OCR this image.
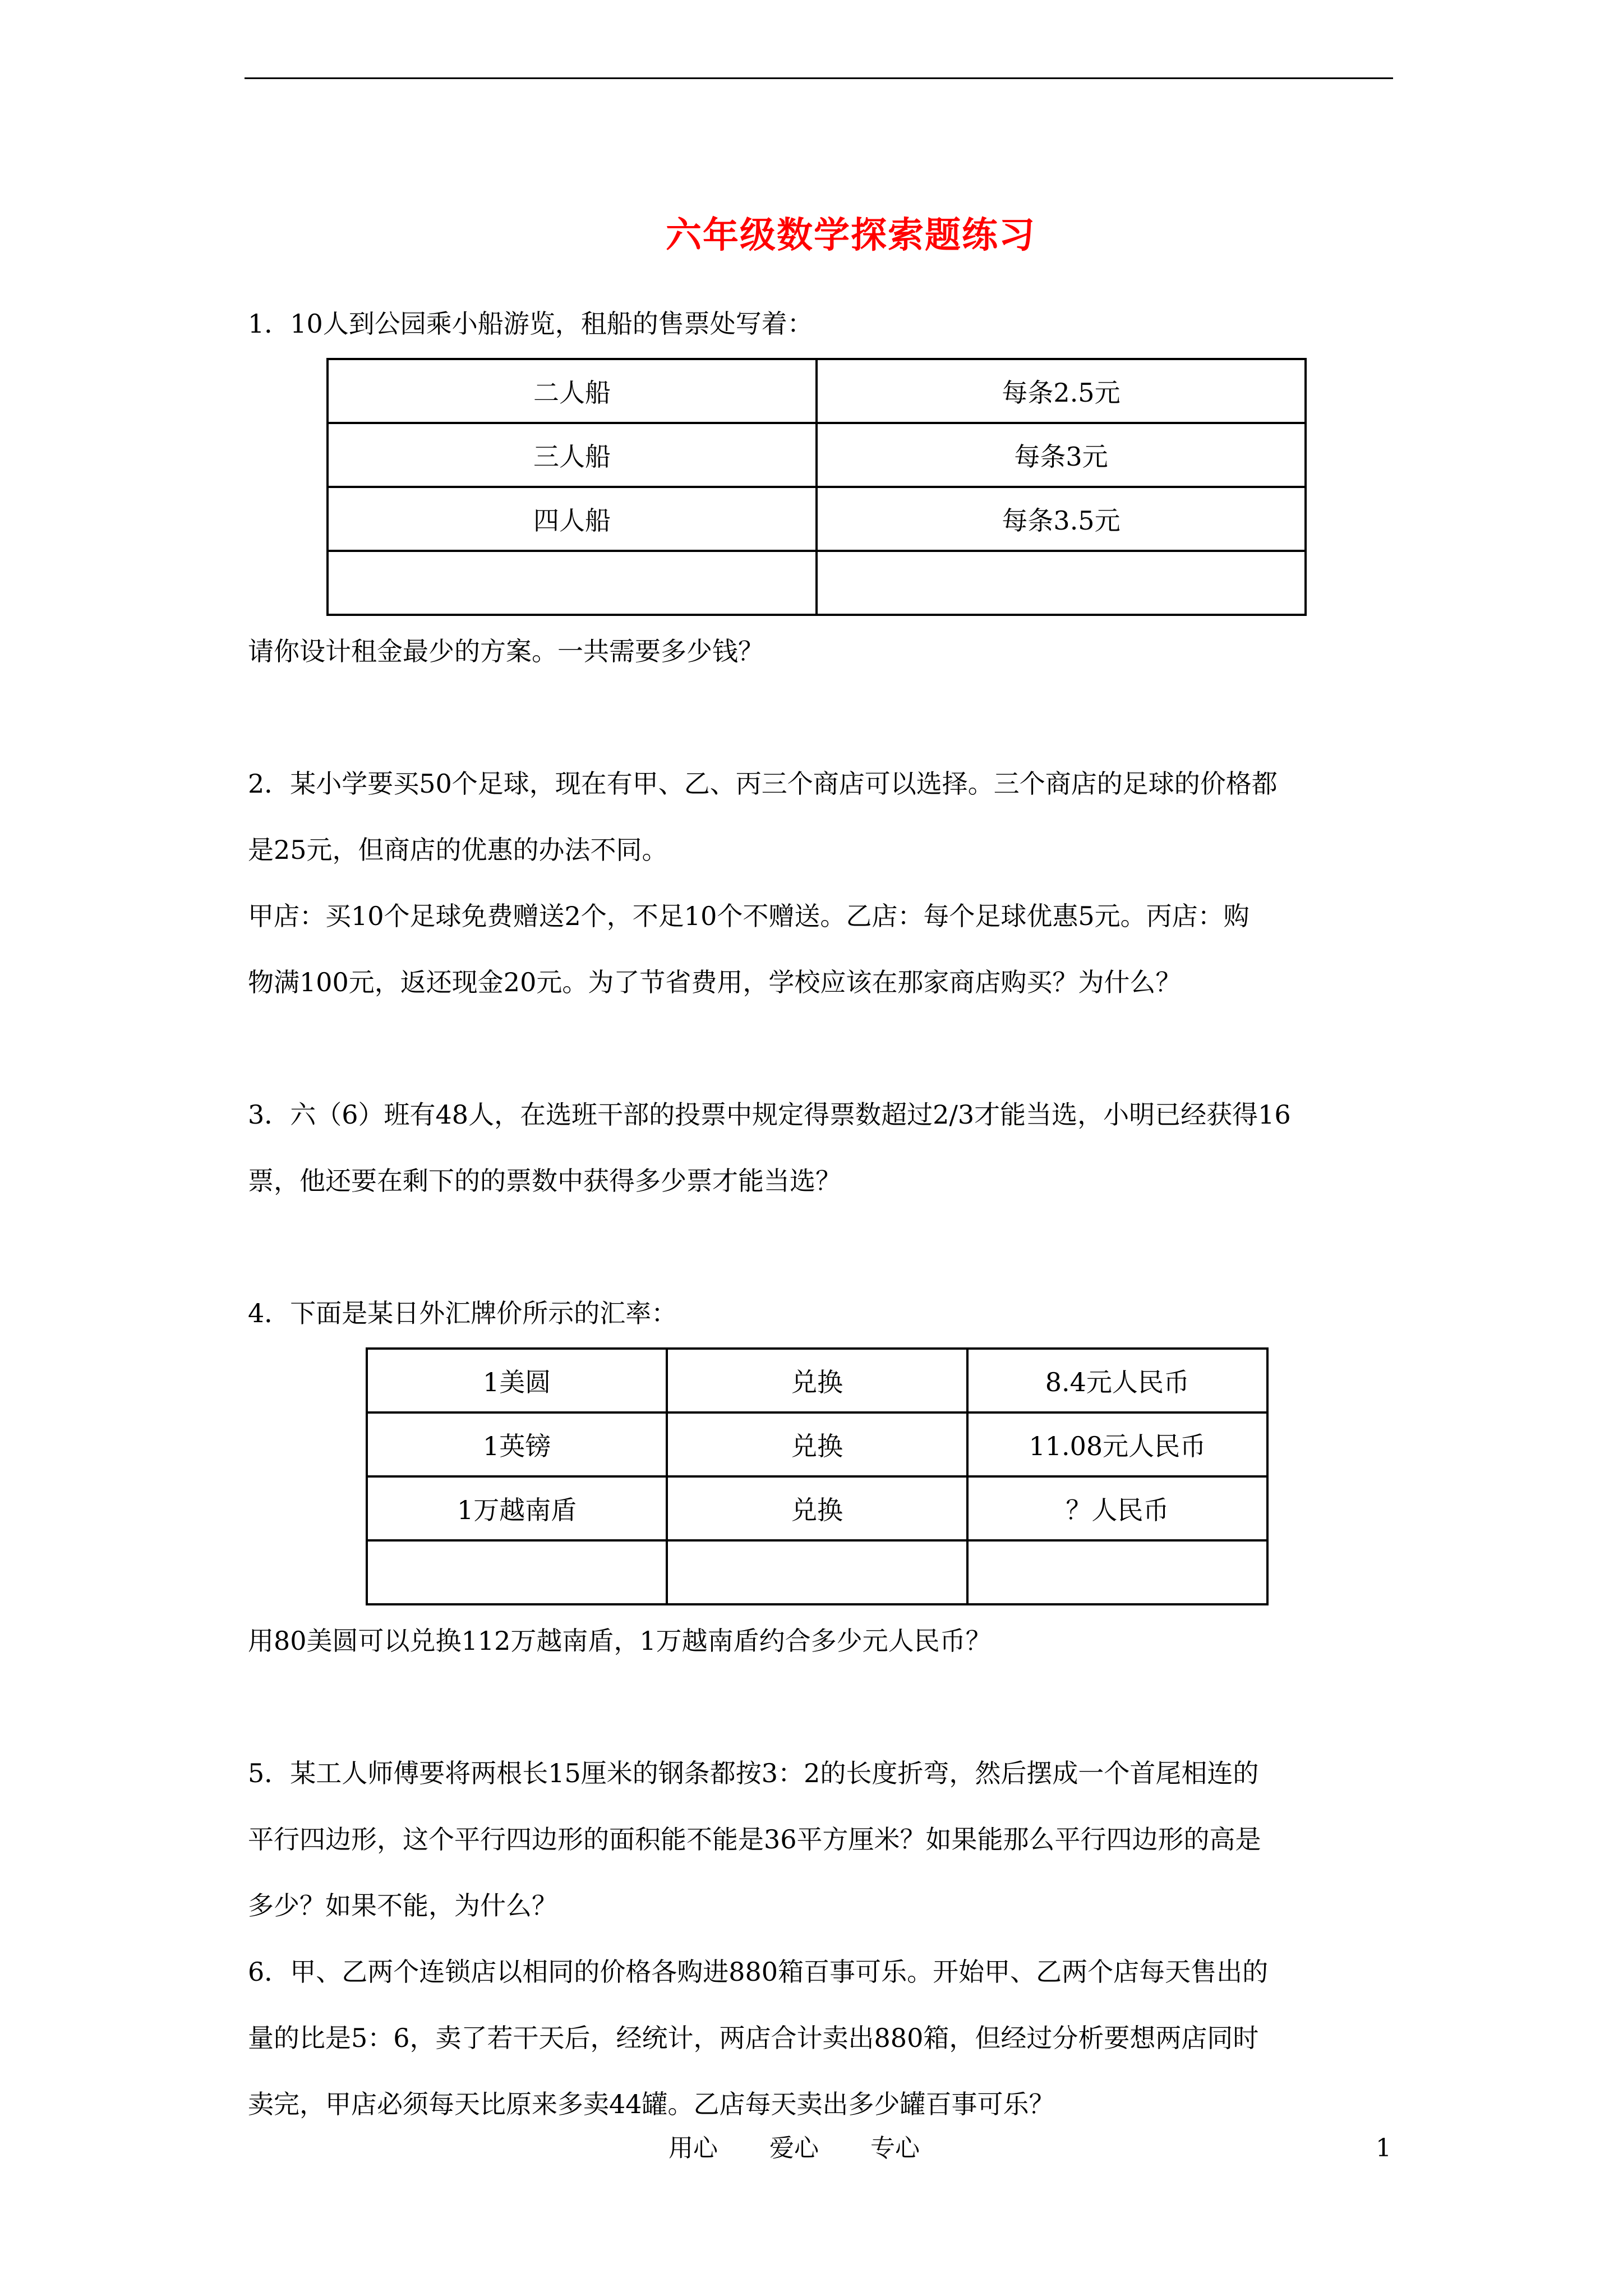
六年级数学探索题练习

1．10人到公园乘小船游览，租船的售票处写着：

二人船	每条2.5元
三人船	每条3元
四人船	每条3.5元

请你设计租金最少的方案。一共需要多少钱？

2．某小学要买50个足球，现在有甲、乙、丙三个商店可以选择。三个商店的足球的价格都

是25元，但商店的优惠的办法不同。

甲店：买10个足球免费赠送2个，不足10个不赠送。乙店：每个足球优惠5元。丙店：购

物满100元，返还现金20元。为了节省费用，学校应该在那家商店购买？为什么？

3．六（6）班有48人，在选班干部的投票中规定得票数超过2/3才能当选，小明已经获得16

票，他还要在剩下的的票数中获得多少票才能当选？

4．下面是某日外汇牌价所示的汇率：

1美圆	兑换	8.4元人民币
1英镑	兑换	11.08元人民币
1万越南盾	兑换	？人民币

用80美圆可以兑换112万越南盾，1万越南盾约合多少元人民币？

5．某工人师傅要将两根长15厘米的钢条都按3：2的长度折弯，然后摆成一个首尾相连的

平行四边形，这个平行四边形的面积能不能是36平方厘米？如果能那么平行四边形的高是

多少？如果不能，为什么？

6．甲、乙两个连锁店以相同的价格各购进880箱百事可乐。开始甲、乙两个店每天售出的

量的比是5：6，卖了若干天后，经统计，两店合计卖出880箱，但经过分析要想两店同时

卖完，甲店必须每天比原来多卖44罐。乙店每天卖出多少罐百事可乐？

用心 爱心 专心	1
